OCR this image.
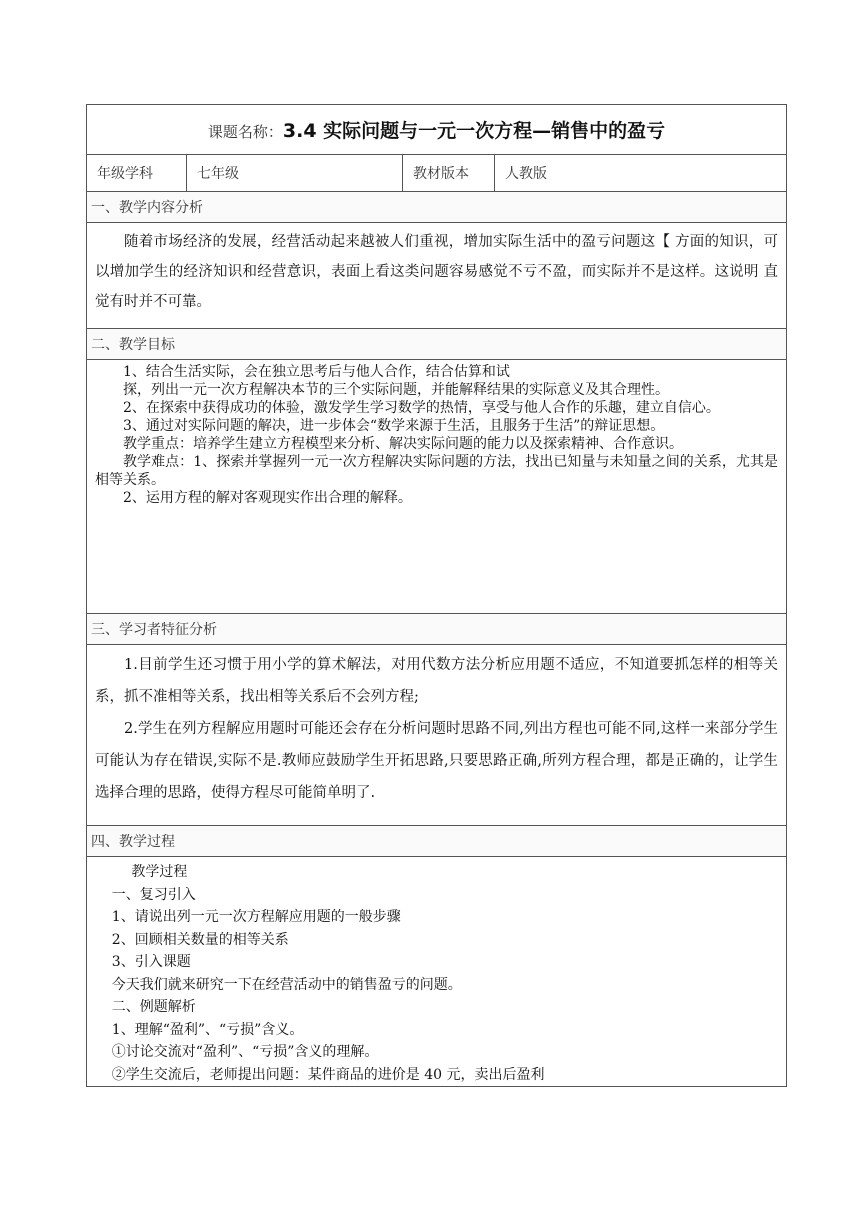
课题名称：3.4 实际问题与一元一次方程—销售中的盈亏
年级学科	七年级	教材版本	人教版
一、教学内容分析

随着市场经济的发展，经营活动起来越被人们重视，增加实际生活中的盈亏问题这【 方面的知识，可以增加学生的经济知识和经营意识，表面上看这类问题容易感觉不亏不盈，而实际并不是这样。这说明 直觉有时并不可靠。

二、教学目标

1、结合生活实际，会在独立思考后与他人合作，结合估算和试

探，列出一元一次方程解决本节的三个实际问题，并能解释结果的实际意义及其合理性。

2、在探索中获得成功的体验，激发学生学习数学的热情，享受与他人合作的乐趣，建立自信心。

3、通过对实际问题的解决，进一步体会“数学来源于生活，且服务于生活”的辩证思想。

教学重点：培养学生建立方程模型来分析、解决实际问题的能力以及探索精神、合作意识。

教学难点：1、探索并掌握列一元一次方程解决实际问题的方法，找出已知量与未知量之间的关系，尤其是相等关系。

2、运用方程的解对客观现实作出合理的解释。

三、学习者特征分析

1.目前学生还习惯于用小学的算术解法，对用代数方法分析应用题不适应，不知道要抓怎样的相等关系，抓不准相等关系，找出相等关系后不会列方程;

2.学生在列方程解应用题时可能还会存在分析问题时思路不同,列出方程也可能不同,这样一来部分学生可能认为存在错误,实际不是.教师应鼓励学生开拓思路,只要思路正确,所列方程合理，都是正确的，让学生选择合理的思路，使得方程尽可能简单明了.

四、教学过程

教学过程

一、复习引入

1、请说出列一元一次方程解应用题的一般步骤

2、回顾相关数量的相等关系

3、引入课题

今天我们就来研究一下在经营活动中的销售盈亏的问题。

二、例题解析

1、理解“盈利”、“亏损”含义。

①讨论交流对“盈利”、“亏损”含义的理解。

②学生交流后，老师提出问题：某件商品的进价是 40 元，卖出后盈利
